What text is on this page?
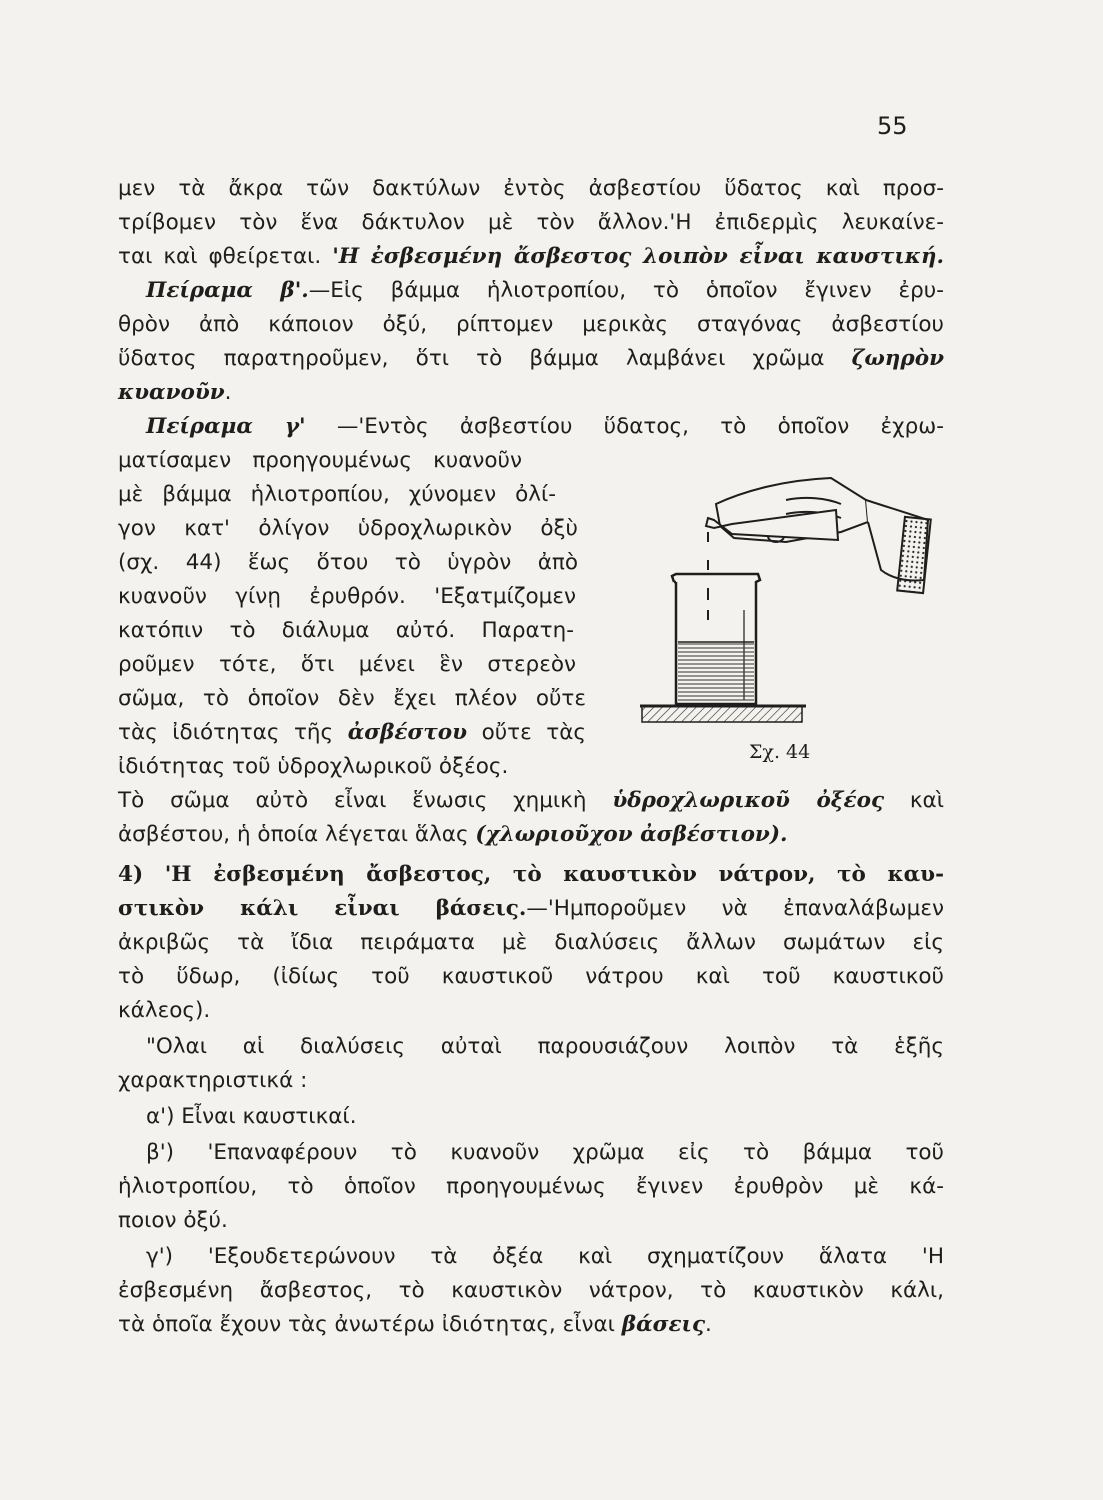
55
μεν τὰ ἄκρα τῶν δακτύλων ἐντὸς ἀσβεστίου ὕδατος καὶ προσ-
τρίβομεν τὸν ἕνα δάκτυλον μὲ τὸν ἄλλον.'Η ἐπιδερμὶς λευκαίνε-
ται καὶ φθείρεται. 'Η ἐσβεσμένη ἄσβεστος λοιπὸν εἶναι καυστική.
Πείραμα β'.—Εἰς βάμμα ἡλιοτροπίου, τὸ ὁποῖον ἔγινεν ἐρυ-
θρὸν ἀπὸ κάποιον ὀξύ, ρίπτομεν μερικὰς σταγόνας ἀσβεστίου
ὕδατος παρατηροῦμεν, ὅτι τὸ βάμμα λαμβάνει χρῶμα ζωηρὸν
κυανοῦν.
Πείραμα γ' —'Εντὸς ἀσβεστίου ὕδατος, τὸ ὁποῖον ἐχρω-
ματίσαμεν προηγουμένως κυανοῦν
μὲ βάμμα ἡλιοτροπίου, χύνομεν ὀλί-
γον κατ' ὀλίγον ὑδροχλωρικὸν ὀξὺ
(σχ. 44) ἕως ὅτου τὸ ὑγρὸν ἀπὸ
κυανοῦν γίνῃ ἐρυθρόν. 'Εξατμίζομεν
κατόπιν τὸ διάλυμα αὐτό. Παρατη-
ροῦμεν τότε, ὅτι μένει ἓν στερεὸν
σῶμα, τὸ ὁποῖον δὲν ἔχει πλέον οὔτε
τὰς ἰδιότητας τῆς ἀσβέστου οὔτε τὰς
ἰδιότητας τοῦ ὑδροχλωρικοῦ ὀξέος.
Τὸ σῶμα αὐτὸ εἶναι ἕνωσις χημικὴ ὑδροχλωρικοῦ ὀξέος καὶ
ἀσβέστου, ἡ ὁποία λέγεται ἅλας (χλωριοῦχον ἀσβέστιον).
4) 'Η ἐσβεσμένη ἄσβεστος, τὸ καυστικὸν νάτρον, τὸ καυ-
στικὸν κάλι εἶναι βάσεις.—'Ημποροῦμεν νὰ ἐπαναλάβωμεν
ἀκριβῶς τὰ ἴδια πειράματα μὲ διαλύσεις ἄλλων σωμάτων εἰς
τὸ ὕδωρ, (ἰδίως τοῦ καυστικοῦ νάτρου καὶ τοῦ καυστικοῦ
κάλεος).
"Ολαι αἱ διαλύσεις αὐταὶ παρουσιάζουν λοιπὸν τὰ ἑξῆς
χαρακτηριστικά :
α') Εἶναι καυστικαί.
β') 'Επαναφέρουν τὸ κυανοῦν χρῶμα εἰς τὸ βάμμα τοῦ
ἡλιοτροπίου, τὸ ὁποῖον προηγουμένως ἔγινεν ἐρυθρὸν μὲ κά-
ποιον ὀξύ.
γ') 'Εξουδετερώνουν τὰ ὀξέα καὶ σχηματίζουν ἅλατα 'Η
ἐσβεσμένη ἄσβεστος, τὸ καυστικὸν νάτρον, τὸ καυστικὸν κάλι,
τὰ ὁποῖα ἔχουν τὰς ἀνωτέρω ἰδιότητας, εἶναι βάσεις.
Σχ. 44
